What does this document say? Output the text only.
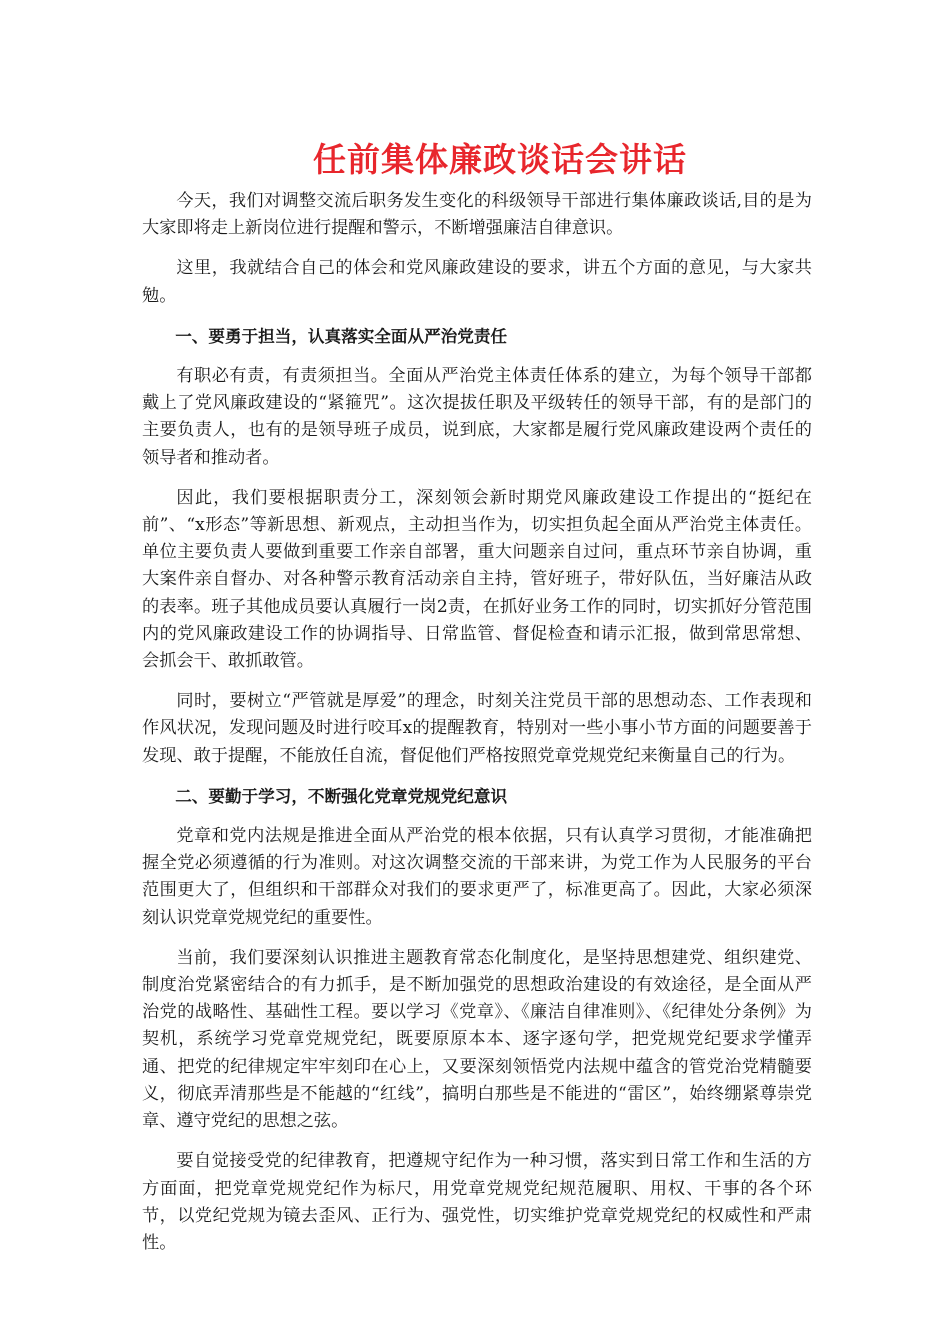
任前集体廉政谈话会讲话

今天，我们对调整交流后职务发生变化的科级领导干部进行集体廉政谈话,目的是为大家即将走上新岗位进行提醒和警示，不断增强廉洁自律意识。

这里，我就结合自己的体会和党风廉政建设的要求，讲五个方面的意见，与大家共勉。

一、要勇于担当，认真落实全面从严治党责任

有职必有责，有责须担当。全面从严治党主体责任体系的建立，为每个领导干部都戴上了党风廉政建设的“紧箍咒”。这次提拔任职及平级转任的领导干部，有的是部门的主要负责人，也有的是领导班子成员，说到底，大家都是履行党风廉政建设两个责任的领导者和推动者。

因此，我们要根据职责分工，深刻领会新时期党风廉政建设工作提出的“挺纪在前”、“x形态”等新思想、新观点，主动担当作为，切实担负起全面从严治党主体责任。单位主要负责人要做到重要工作亲自部署，重大问题亲自过问，重点环节亲自协调，重大案件亲自督办、对各种警示教育活动亲自主持，管好班子，带好队伍，当好廉洁从政的表率。班子其他成员要认真履行一岗2责，在抓好业务工作的同时，切实抓好分管范围内的党风廉政建设工作的协调指导、日常监管、督促检查和请示汇报，做到常思常想、会抓会干、敢抓敢管。

同时，要树立“严管就是厚爱”的理念，时刻关注党员干部的思想动态、工作表现和作风状况，发现问题及时进行咬耳x的提醒教育，特别对一些小事小节方面的问题要善于发现、敢于提醒，不能放任自流，督促他们严格按照党章党规党纪来衡量自己的行为。

二、要勤于学习，不断强化党章党规党纪意识

党章和党内法规是推进全面从严治党的根本依据，只有认真学习贯彻，才能准确把握全党必须遵循的行为准则。对这次调整交流的干部来讲，为党工作为人民服务的平台范围更大了，但组织和干部群众对我们的要求更严了，标准更高了。因此，大家必须深刻认识党章党规党纪的重要性。

当前，我们要深刻认识推进主题教育常态化制度化，是坚持思想建党、组织建党、制度治党紧密结合的有力抓手，是不断加强党的思想政治建设的有效途径，是全面从严治党的战略性、基础性工程。要以学习《党章》、《廉洁自律准则》、《纪律处分条例》为契机，系统学习党章党规党纪，既要原原本本、逐字逐句学，把党规党纪要求学懂弄通、把党的纪律规定牢牢刻印在心上，又要深刻领悟党内法规中蕴含的管党治党精髓要义，彻底弄清那些是不能越的“红线”，搞明白那些是不能进的“雷区”，始终绷紧尊崇党章、遵守党纪的思想之弦。

要自觉接受党的纪律教育，把遵规守纪作为一种习惯，落实到日常工作和生活的方方面面，把党章党规党纪作为标尺，用党章党规党纪规范履职、用权、干事的各个环节，以党纪党规为镜去歪风、正行为、强党性，切实维护党章党规党纪的权威性和严肃性。
